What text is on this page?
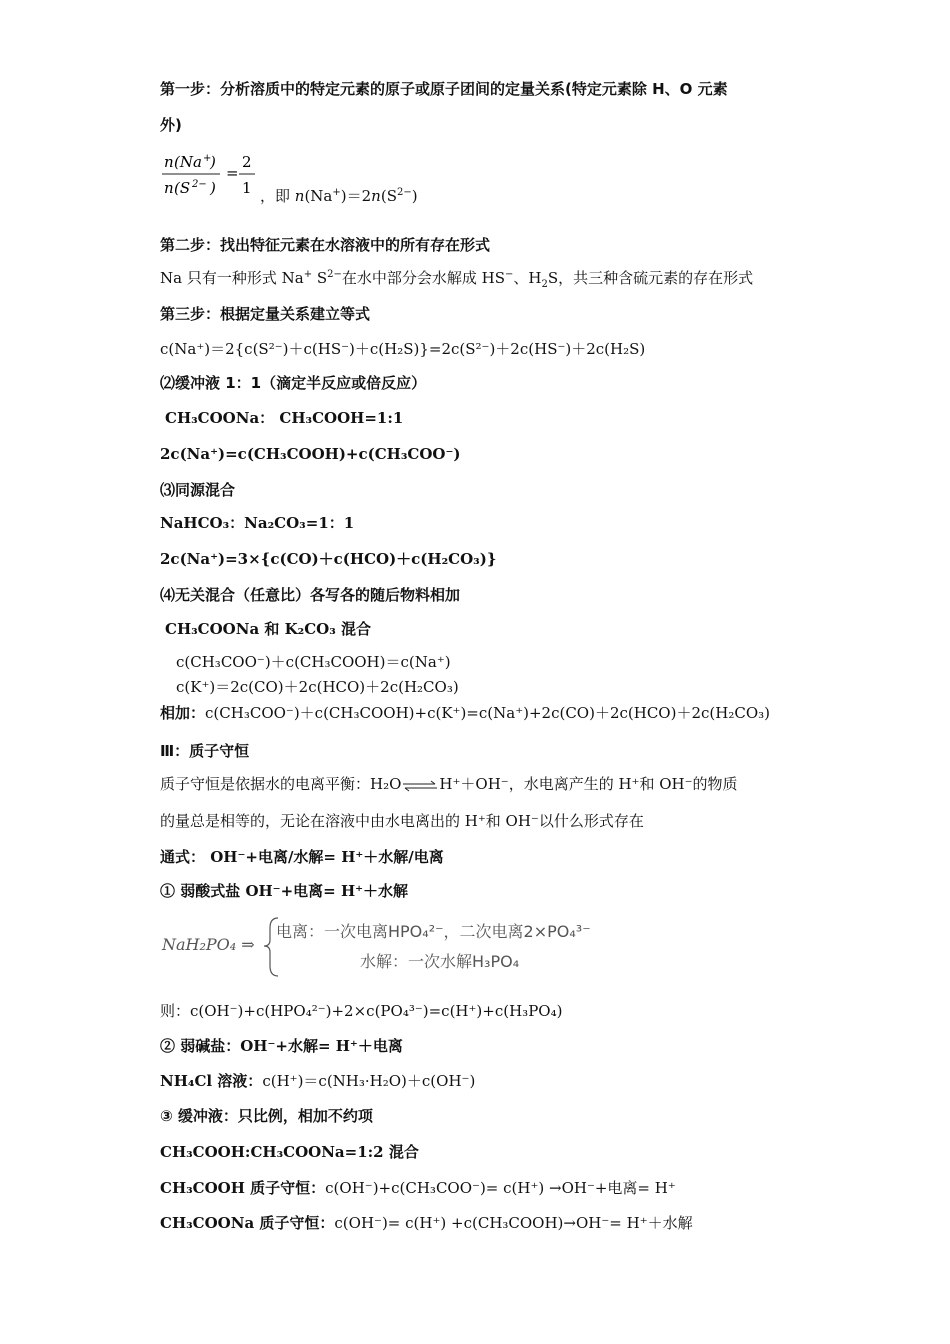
第一步：分析溶质中的特定元素的原子或原子团间的定量关系(特定元素除 H、O 元素
外)
n (Na +
)
n (S 2− )
=
2
1 ，即 $n(Na^+)=2n(S^{2-})$
第二步：找出特征元素在水溶液中的所有存在形式
Na 只有一种形式 Na+ $S^{2-}$在水中部分会水解成 HS−、$H_2S$，共三种含硫元素的存在形式
第三步：根据定量关系建立等式
c(Na⁺)＝2{c(S²⁻)＋c(HS⁻)＋c(H₂S)}=2c(S²⁻)＋2c(HS⁻)＋2c(H₂S)
⑵缓冲液 1：1（滴定半反应或倍反应）
CH₃COONa： CH₃COOH=1:1
2c(Na⁺)=c(CH₃COOH)+c(CH₃COO⁻)
⑶同源混合
NaHCO₃：Na₂CO₃=1：1
2c(Na⁺)=3×{c(CO)＋c(HCO)＋c(H₂CO₃)}
⑷无关混合（任意比）各写各的随后物料相加
CH₃COONa 和 K₂CO₃ 混合
c(CH₃COO⁻)＋c(CH₃COOH)＝c(Na⁺)
c(K⁺)＝2c(CO)＋2c(HCO)＋2c(H₂CO₃)
相加：c(CH₃COO⁻)＋c(CH₃COOH)+c(K⁺)=c(Na⁺)+2c(CO)＋2c(HCO)＋2c(H₂CO₃)
Ⅲ：质子守恒
质子守恒是依据水的电离平衡：H₂O⇌H⁺＋OH⁻，水电离产生的 H⁺和 OH⁻的物质
的量总是相等的，无论在溶液中由水电离出的 H⁺和 OH⁻以什么形式存在
通式： OH⁻+电离/水解= H⁺＋水解/电离
① 弱酸式盐 OH⁻+电离= H⁺＋水解
NaH₂PO₄ ⇒
电离：一次电离HPO₄²⁻，二次电离2×PO₄³⁻
水解：一次水解H₃PO₄
则：c(OH⁻)+c(HPO₄²⁻)+2×c(PO₄³⁻)=c(H⁺)+c(H₃PO₄)
② 弱碱盐：OH⁻+水解= H⁺＋电离
NH₄Cl 溶液：c(H⁺)＝c(NH₃·H₂O)＋c(OH⁻)
③ 缓冲液：只比例，相加不约项
CH₃COOH:CH₃COONa=1:2 混合
CH₃COOH 质子守恒：c(OH⁻)+c(CH₃COO⁻)= c(H⁺) →OH⁻+电离= H⁺
CH₃COONa 质子守恒：c(OH⁻)= c(H⁺) +c(CH₃COOH)→OH⁻= H⁺＋水解
